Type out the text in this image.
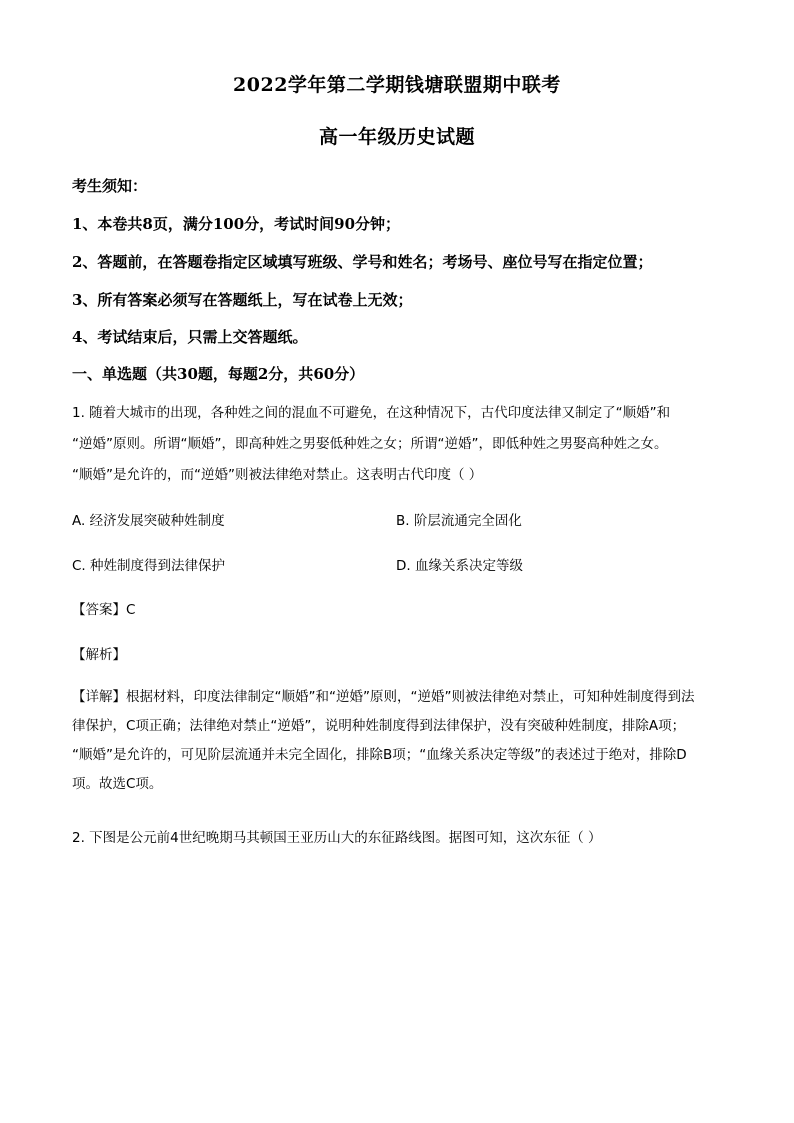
2022学年第二学期钱塘联盟期中联考
高一年级历史试题
考生须知：
1、本卷共8页，满分100分，考试时间90分钟；
2、答题前，在答题卷指定区域填写班级、学号和姓名；考场号、座位号写在指定位置；
3、所有答案必须写在答题纸上，写在试卷上无效；
4、考试结束后，只需上交答题纸。
一、单选题（共30题，每题2分，共60分）
1. 随着大城市的出现，各种姓之间的混血不可避免，在这种情况下，古代印度法律又制定了“顺婚”和
“逆婚”原则。所谓“顺婚”，即高种姓之男娶低种姓之女；所谓“逆婚”，即低种姓之男娶高种姓之女。
“顺婚”是允许的，而“逆婚”则被法律绝对禁止。这表明古代印度（ ）
A. 经济发展突破种姓制度	B. 阶层流通完全固化
C. 种姓制度得到法律保护	D. 血缘关系决定等级
【答案】C
【解析】
【详解】根据材料，印度法律制定“顺婚”和“逆婚”原则，“逆婚”则被法律绝对禁止，可知种姓制度得到法
律保护，C项正确；法律绝对禁止“逆婚”，说明种姓制度得到法律保护，没有突破种姓制度，排除A项；
“顺婚”是允许的，可见阶层流通并未完全固化，排除B项；“血缘关系决定等级”的表述过于绝对，排除D
项。故选C项。
2. 下图是公元前4世纪晚期马其顿国王亚历山大的东征路线图。据图可知，这次东征（ ）
